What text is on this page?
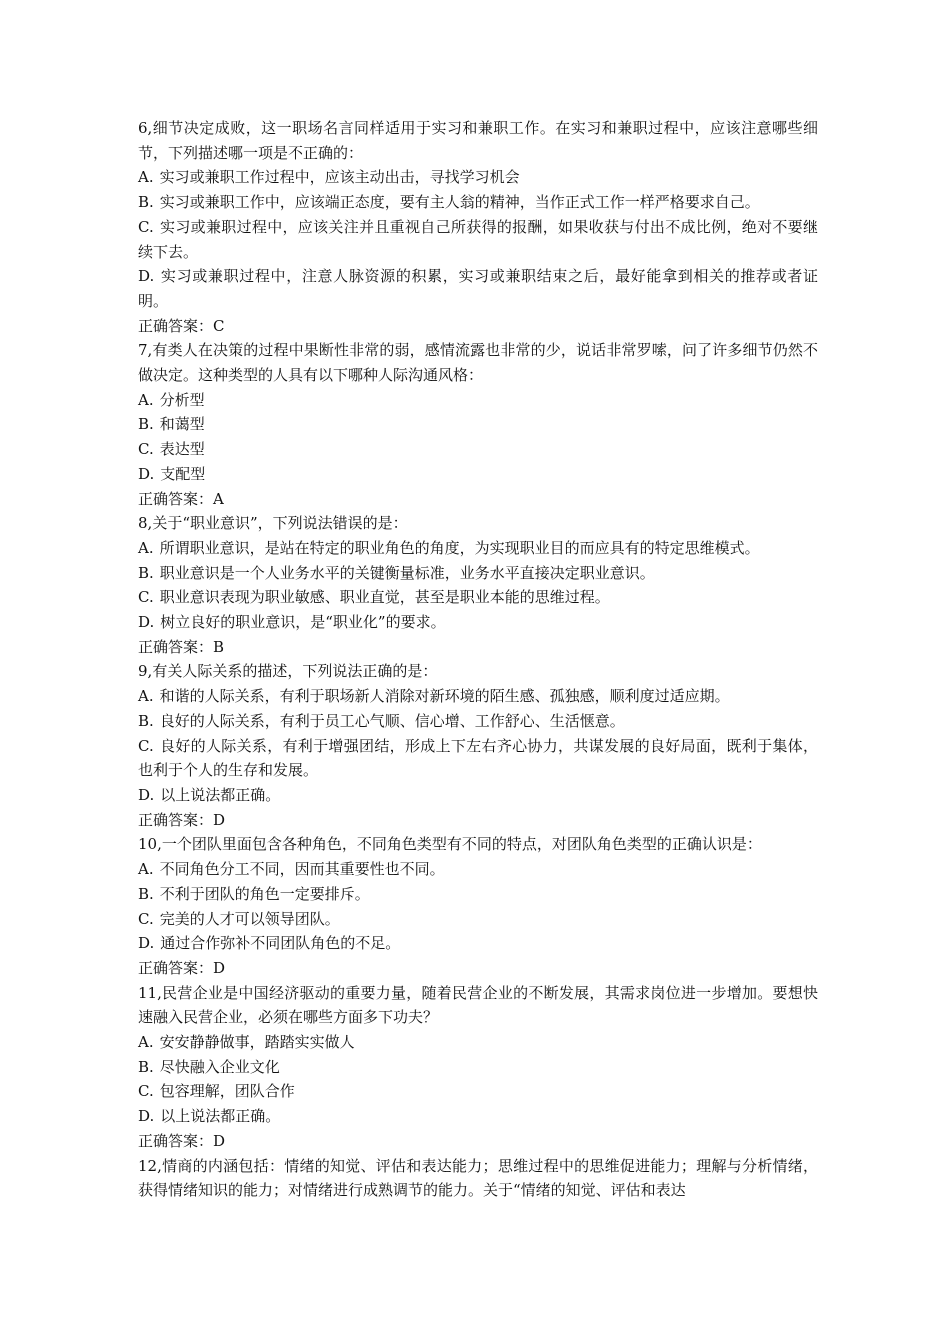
6,细节决定成败，这一职场名言同样适用于实习和兼职工作。在实习和兼职过程中，应该注意哪些细节，下列描述哪一项是不正确的：

A. 实习或兼职工作过程中，应该主动出击，寻找学习机会

B. 实习或兼职工作中，应该端正态度，要有主人翁的精神，当作正式工作一样严格要求自己。

C. 实习或兼职过程中，应该关注并且重视自己所获得的报酬，如果收获与付出不成比例，绝对不要继续下去。

D. 实习或兼职过程中，注意人脉资源的积累，实习或兼职结束之后，最好能拿到相关的推荐或者证明。

正确答案：C

7,有类人在决策的过程中果断性非常的弱，感情流露也非常的少，说话非常罗嗦，问了许多细节仍然不做决定。这种类型的人具有以下哪种人际沟通风格：

A. 分析型

B. 和蔼型

C. 表达型

D. 支配型

正确答案：A

8,关于“职业意识”，下列说法错误的是：

A. 所谓职业意识，是站在特定的职业角色的角度，为实现职业目的而应具有的特定思维模式。

B. 职业意识是一个人业务水平的关键衡量标准，业务水平直接决定职业意识。

C. 职业意识表现为职业敏感、职业直觉，甚至是职业本能的思维过程。

D. 树立良好的职业意识，是“职业化”的要求。

正确答案：B

9,有关人际关系的描述，下列说法正确的是：

A. 和谐的人际关系，有利于职场新人消除对新环境的陌生感、孤独感，顺利度过适应期。

B. 良好的人际关系，有利于员工心气顺、信心增、工作舒心、生活惬意。

C. 良好的人际关系，有利于增强团结，形成上下左右齐心协力，共谋发展的良好局面，既利于集体，也利于个人的生存和发展。

D. 以上说法都正确。

正确答案：D

10,一个团队里面包含各种角色，不同角色类型有不同的特点，对团队角色类型的正确认识是：

A. 不同角色分工不同，因而其重要性也不同。

B. 不利于团队的角色一定要排斥。

C. 完美的人才可以领导团队。

D. 通过合作弥补不同团队角色的不足。

正确答案：D

11,民营企业是中国经济驱动的重要力量，随着民营企业的不断发展，其需求岗位进一步增加。要想快速融入民营企业，必须在哪些方面多下功夫？

A. 安安静静做事，踏踏实实做人

B. 尽快融入企业文化

C. 包容理解，团队合作

D. 以上说法都正确。

正确答案：D

12,情商的内涵包括：情绪的知觉、评估和表达能力；思维过程中的思维促进能力；理解与分析情绪，获得情绪知识的能力；对情绪进行成熟调节的能力。关于“情绪的知觉、评估和表达
